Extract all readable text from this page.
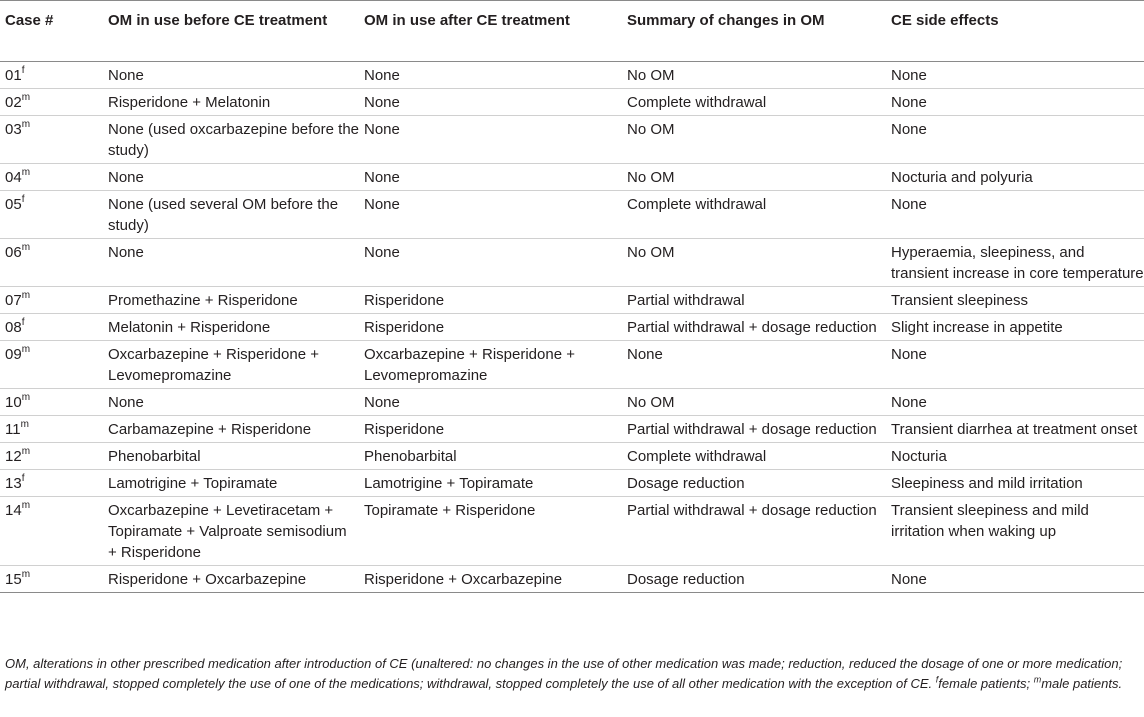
Case #	OM in use before CE treatment	OM in use after CE treatment	Summary of changes in OM	CE side effects
01$^f$	None	None	No OM	None
02$^m$	Risperidone + Melatonin	None	Complete withdrawal	None
03$^m$	None (used oxcarbazepine before the study)	None	No OM	None
04$^m$	None	None	No OM	Nocturia and polyuria
05$^f$	None (used several OM before the study)	None	Complete withdrawal	None
06$^m$	None	None	No OM	Hyperaemia, sleepiness, and transient increase in core temperature
07$^m$	Promethazine + Risperidone	Risperidone	Partial withdrawal	Transient sleepiness
08$^f$	Melatonin + Risperidone	Risperidone	Partial withdrawal + dosage reduction	Slight increase in appetite
09$^m$	Oxcarbazepine + Risperidone + Levomepromazine	Oxcarbazepine + Risperidone + Levomepromazine	None	None
10$^m$	None	None	No OM	None
11$^m$	Carbamazepine + Risperidone	Risperidone	Partial withdrawal + dosage reduction	Transient diarrhea at treatment onset
12$^m$	Phenobarbital	Phenobarbital	Complete withdrawal	Nocturia
13$^f$	Lamotrigine + Topiramate	Lamotrigine + Topiramate	Dosage reduction	Sleepiness and mild irritation
14$^m$	Oxcarbazepine + Levetiracetam + Topiramate + Valproate semisodium + Risperidone	Topiramate + Risperidone	Partial withdrawal + dosage reduction	Transient sleepiness and mild irritation when waking up
15$^m$	Risperidone + Oxcarbazepine	Risperidone + Oxcarbazepine	Dosage reduction	None
OM, alterations in other prescribed medication after introduction of CE (unaltered: no changes in the use of other medication was made; reduction, reduced the dosage of one or more medication; partial withdrawal, stopped completely the use of one of the medications; withdrawal, stopped completely the use of all other medication with the exception of CE. $^f$female patients; $^m$male patients.
